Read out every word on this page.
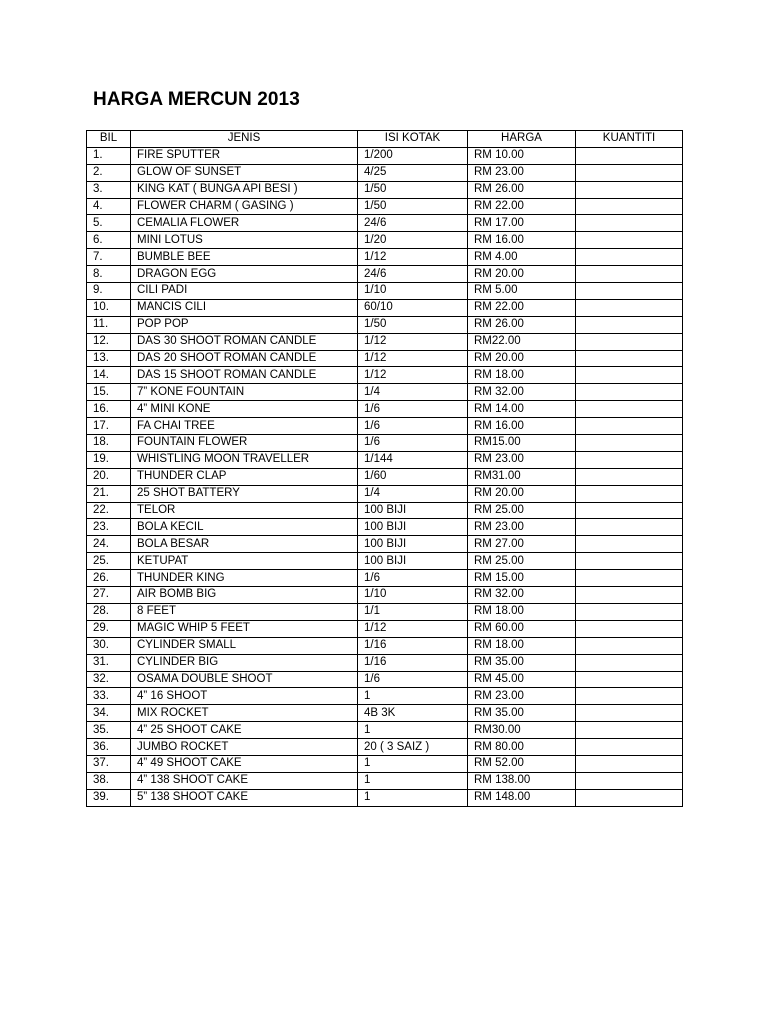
HARGA MERCUN 2013
BIL	JENIS	ISI KOTAK	HARGA	KUANTITI
1.	FIRE SPUTTER	1/200	RM 10.00	
2.	GLOW OF SUNSET	4/25	RM 23.00	
3.	KING KAT ( BUNGA API BESI )	1/50	RM 26.00	
4.	FLOWER CHARM ( GASING )	1/50	RM 22.00	
5.	CEMALIA FLOWER	24/6	RM 17.00	
6.	MINI LOTUS	1/20	RM 16.00	
7.	BUMBLE BEE	1/12	RM 4.00	
8.	DRAGON EGG	24/6	RM 20.00	
9.	CILI PADI	1/10	RM 5.00	
10.	MANCIS CILI	60/10	RM 22.00	
11.	POP POP	1/50	RM 26.00	
12.	DAS 30 SHOOT ROMAN CANDLE	1/12	RM22.00	
13.	DAS 20 SHOOT ROMAN CANDLE	1/12	RM 20.00	
14.	DAS 15 SHOOT ROMAN CANDLE	1/12	RM 18.00	
15.	7” KONE FOUNTAIN	1/4	RM 32.00	
16.	4” MINI KONE	1/6	RM 14.00	
17.	FA CHAI TREE	1/6	RM 16.00	
18.	FOUNTAIN FLOWER	1/6	RM15.00	
19.	WHISTLING MOON TRAVELLER	1/144	RM 23.00	
20.	THUNDER CLAP	1/60	RM31.00	
21.	25 SHOT BATTERY	1/4	RM 20.00	
22.	TELOR	100 BIJI	RM 25.00	
23.	BOLA KECIL	100 BIJI	RM 23.00	
24.	BOLA BESAR	100 BIJI	RM 27.00	
25.	KETUPAT	100 BIJI	RM 25.00	
26.	THUNDER KING	1/6	RM 15.00	
27.	AIR BOMB BIG	1/10	RM 32.00	
28.	8 FEET	1/1	RM 18.00	
29.	MAGIC WHIP 5 FEET	1/12	RM 60.00	
30.	CYLINDER SMALL	1/16	RM 18.00	
31.	CYLINDER BIG	1/16	RM 35.00	
32.	OSAMA DOUBLE SHOOT	1/6	RM 45.00	
33.	4” 16 SHOOT	1	RM 23.00	
34.	MIX ROCKET	4B 3K	RM 35.00	
35.	4” 25 SHOOT CAKE	1	RM30.00	
36.	JUMBO ROCKET	20 ( 3 SAIZ )	RM 80.00	
37.	4” 49 SHOOT CAKE	1	RM 52.00	
38.	4” 138 SHOOT CAKE	1	RM 138.00	
39.	5” 138 SHOOT CAKE	1	RM 148.00	
